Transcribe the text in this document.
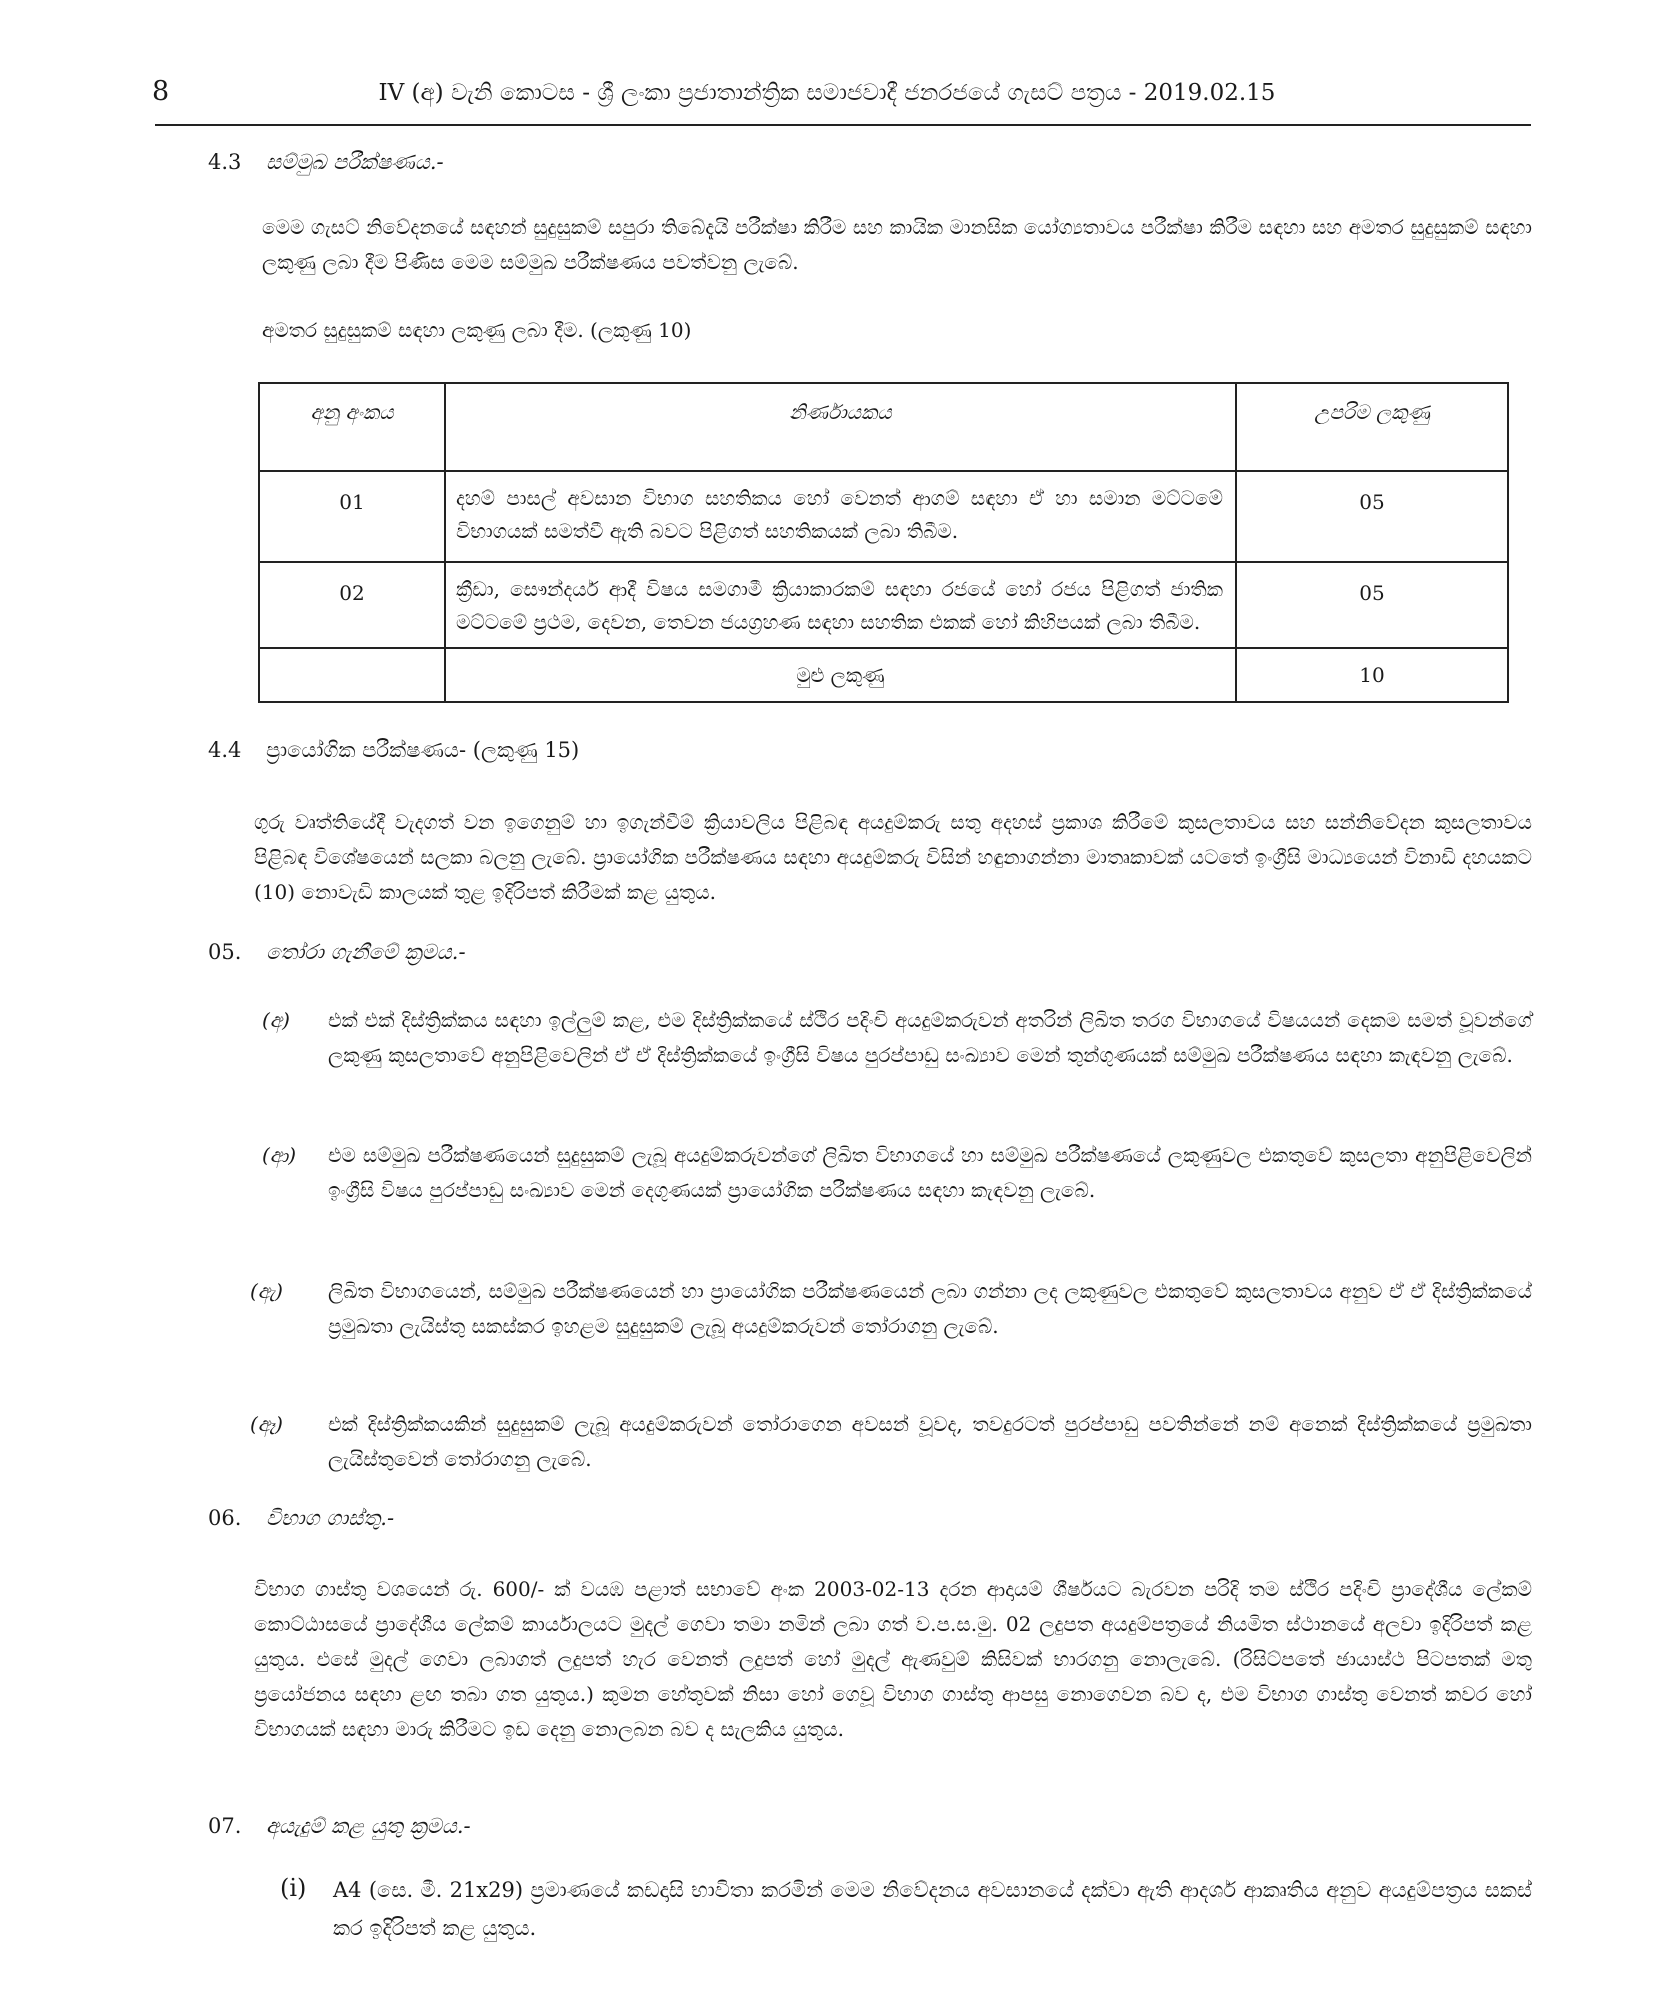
8	IV (අ) වැනි කොටස - ශ්‍රී ලංකා ප්‍රජාතාන්ත්‍රික සමාජවාදී ජනරජයේ ගැසට් පත්‍රය - 2019.02.15
4.3 සම්මුඛ පරීක්ෂණය.-
මෙම ගැසට් නිවේදනයේ සඳහන් සුදුසුකම් සපුරා තිබේදැයි පරීක්ෂා කිරීම සහ කායික මානසික යෝග්‍යතාවය පරීක්ෂා කිරීම සඳහා සහ අමතර සුදුසුකම් සඳහා ලකුණු ලබා දීම පිණිස මෙම සම්මුඛ පරීක්ෂණය පවත්වනු ලැබේ.
අමතර සුදුසුකම් සඳහා ලකුණු ලබා දීම. (ලකුණු 10)
අනු අංකය	නිර්ණායකය	උපරිම ලකුණු
01	දහම් පාසල් අවසාන විභාග සහතිකය හෝ වෙනත් ආගම් සඳහා ඒ හා සමාන මට්ටමේ විභාගයක් සමත්වී ඇති බවට පිළිගත් සහතිකයක් ලබා තිබීම.	05
02	ක්‍රීඩා, සෞන්දර්ය ආදී විෂය සමගාමී ක්‍රියාකාරකම් සඳහා රජයේ හෝ රජය පිළිගත් ජාතික මට්ටමේ ප්‍රථම, දෙවන, තෙවන ජයග්‍රහණ සඳහා සහතික එකක් හෝ කිහිපයක් ලබා තිබීම.	05
	මුළු ලකුණු	10
4.4 ප්‍රායෝගික පරීක්ෂණය- (ලකුණු 15)
ගුරු වෘත්තියේදී වැදගත් වන ඉගෙනුම් හා ඉගැන්වීම් ක්‍රියාවලිය පිළිබඳ අයදුම්කරු සතු අදහස් ප්‍රකාශ කිරීමේ කුසලතාවය සහ සන්නිවේදන කුසලතාවය පිළිබඳ විශේෂයෙන් සලකා බලනු ලැබේ. ප්‍රායෝගික පරීක්ෂණය සඳහා අයදුම්කරු විසින් හඳුනාගන්නා මාතෘකාවක් යටතේ ඉංග්‍රීසි මාධ්‍යයෙන් විනාඩි දහයකට (10) නොවැඩි කාලයක් තුළ ඉදිරිපත් කිරීමක් කළ යුතුය.
05. තෝරා ගැනීමේ ක්‍රමය.-
(අ) එක් එක් දිස්ත්‍රික්කය සඳහා ඉල්ලුම් කළ, එම දිස්ත්‍රික්කයේ ස්ථිර පදිංචි අයදුම්කරුවන් අතරින් ලිඛිත තරග විභාගයේ විෂයයන් දෙකම සමත් වූවන්ගේ ලකුණු කුසලතාවේ අනුපිළිවෙලින් ඒ ඒ දිස්ත්‍රික්කයේ ඉංග්‍රීසි විෂය පුරප්පාඩු සංඛ්‍යාව මෙන් තුන්ගුණයක් සම්මුඛ පරීක්ෂණය සඳහා කැඳවනු ලැබේ.
(ආ) එම සම්මුඛ පරීක්ෂණයෙන් සුදුසුකම් ලැබූ අයදුම්කරුවන්ගේ ලිඛිත විභාගයේ හා සම්මුඛ පරීක්ෂණයේ ලකුණුවල එකතුවේ කුසලතා අනුපිළිවෙලින් ඉංග්‍රීසි විෂය පුරප්පාඩු සංඛ්‍යාව මෙන් දෙගුණයක් ප්‍රායෝගික පරීක්ෂණය සඳහා කැඳවනු ලැබේ.
(ඇ) ලිඛිත විභාගයෙන්, සම්මුඛ පරීක්ෂණයෙන් හා ප්‍රායෝගික පරීක්ෂණයෙන් ලබා ගන්නා ලද ලකුණුවල එකතුවේ කුසලතාවය අනුව ඒ ඒ දිස්ත්‍රික්කයේ ප්‍රමුඛතා ලැයිස්තු සකස්කර ඉහළම සුදුසුකම් ලැබූ අයදුම්කරුවන් තෝරාගනු ලැබේ.
(ඈ) එක් දිස්ත්‍රික්කයකින් සුදුසුකම් ලැබූ අයදුම්කරුවන් තෝරාගෙන අවසන් වූවද, තවදුරටත් පුරප්පාඩු පවතින්නේ නම් අනෙක් දිස්ත්‍රික්කයේ ප්‍රමුඛතා ලැයිස්තුවෙන් තෝරාගනු ලැබේ.
06. විභාග ගාස්තු.-
විභාග ගාස්තු වශයෙන් රු. 600/- ක් වයඹ පළාත් සභාවේ අංක 2003-02-13 දරන ආදායම් ශීර්ෂයට බැරවන පරිදි තම ස්ථිර පදිංචි ප්‍රාදේශීය ලේකම් කොට්ඨාසයේ ප්‍රාදේශීය ලේකම් කාර්යාලයට මුදල් ගෙවා තමා නමින් ලබා ගත් ව.ප.ස.මු. 02 ලදුපත අයදුම්පත්‍රයේ නියමිත ස්ථානයේ අලවා ඉදිරිපත් කළ යුතුය. එසේ මුදල් ගෙවා ලබාගත් ලදුපත් හැර වෙනත් ලදුපත් හෝ මුදල් ඇණවුම් කිසිවක් භාරගනු නොලැබේ. (රිසිට්පතේ ඡායාස්ථ පිටපතක් මතු ප්‍රයෝජනය සඳහා ළඟ තබා ගත යුතුය.) කුමන හේතුවක් නිසා හෝ ගෙවූ විභාග ගාස්තු ආපසු නොගෙවන බව ද, එම විභාග ගාස්තු වෙනත් කවර හෝ විභාගයක් සඳහා මාරු කිරීමට ඉඩ දෙනු නොලබන බව ද සැලකිය යුතුය.
07. අයැදුම් කළ යුතු ක්‍රමය.-
(i) A4 (සෙ. මී. 21x29) ප්‍රමාණයේ කඩදාසි භාවිතා කරමින් මෙම නිවේදනය අවසානයේ දක්වා ඇති ආදර්ශ ආකෘතිය අනුව අයදුම්පත්‍රය සකස් කර ඉදිරිපත් කළ යුතුය.
